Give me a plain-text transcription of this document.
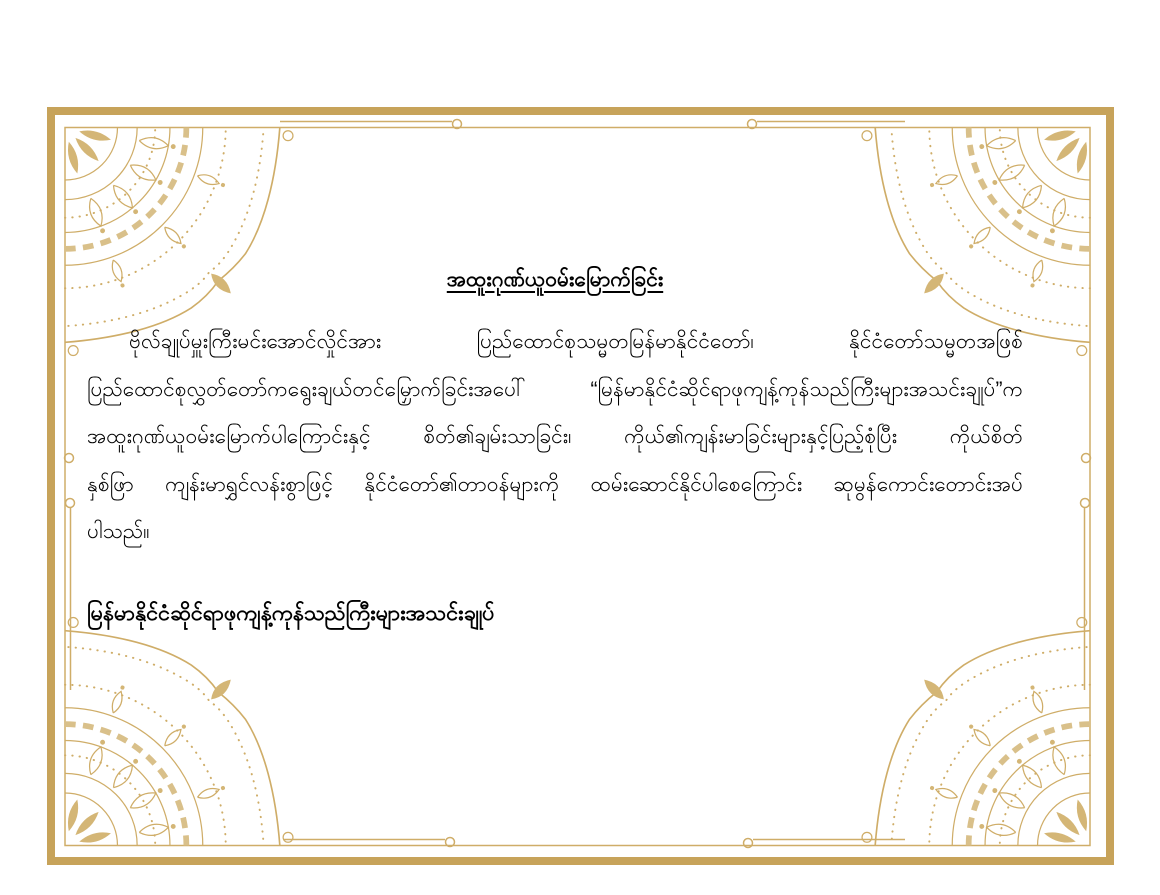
အထူးဂုဏ်ယူဝမ်းမြောက်ခြင်း
ဗိုလ်ချုပ်မှူးကြီးမင်းအောင်လှိုင်အား ပြည်ထောင်စုသမ္မတမြန်မာနိုင်ငံတော်၊ နိုင်ငံတော်သမ္မတအဖြစ်
ပြည်ထောင်စုလွှတ်တော်ကရွေးချယ်တင်မြှောက်ခြင်းအပေါ် “မြန်မာနိုင်ငံဆိုင်ရာဖုကျန့်ကုန်သည်ကြီးများအသင်းချုပ်”က
အထူးဂုဏ်ယူဝမ်းမြောက်ပါကြောင်းနှင့် စိတ်၏ချမ်းသာခြင်း၊ ကိုယ်၏ကျန်းမာခြင်းများနှင့်ပြည့်စုံပြီး ကိုယ်စိတ်
နှစ်ဖြာ ကျန်းမာရွှင်လန်းစွာဖြင့် နိုင်ငံတော်၏တာဝန်များကို ထမ်းဆောင်နိုင်ပါစေကြောင်း ဆုမွန်ကောင်းတောင်းအပ်
ပါသည်။
မြန်မာနိုင်ငံဆိုင်ရာဖုကျန့်ကုန်သည်ကြီးများအသင်းချုပ်
